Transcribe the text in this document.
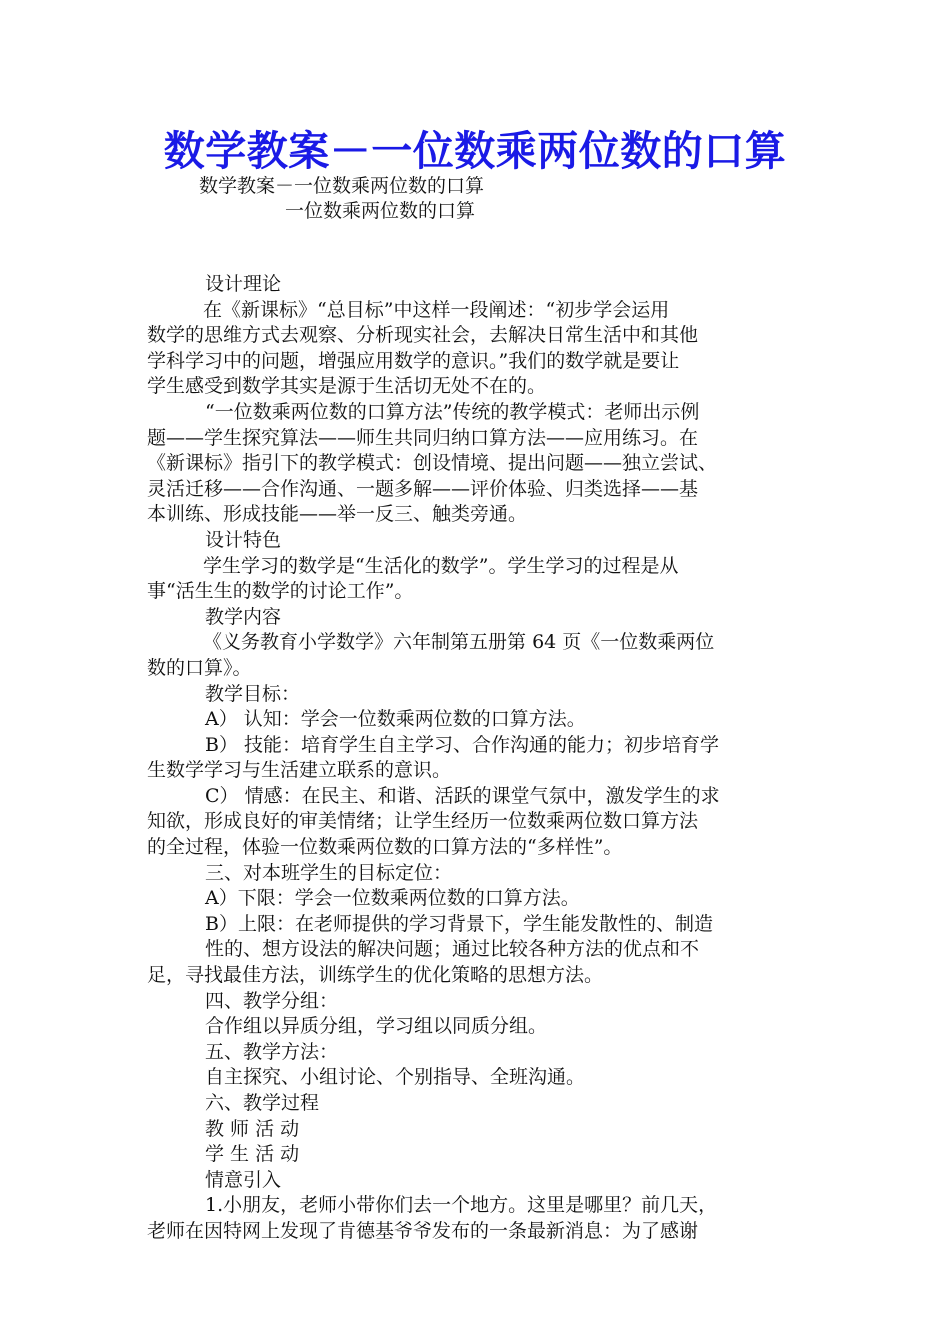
数学教案－一位数乘两位数的口算
数学教案－一位数乘两位数的口算
一位数乘两位数的口算

设计理论

在《新课标》“总目标”中这样一段阐述：“初步学会运用

数学的思维方式去观察、分析现实社会，去解决日常生活中和其他

学科学习中的问题，增强应用数学的意识。”我们的数学就是要让

学生感受到数学其实是源于生活切无处不在的。

“一位数乘两位数的口算方法”传统的教学模式：老师出示例

题——学生探究算法——师生共同归纳口算方法——应用练习。在

《新课标》指引下的教学模式：创设情境、提出问题——独立尝试、

灵活迁移——合作沟通、一题多解——评价体验、归类选择——基

本训练、形成技能——举一反三、触类旁通。

设计特色

学生学习的数学是“生活化的数学”。学生学习的过程是从

事“活生生的数学的讨论工作”。

教学内容

《义务教育小学数学》六年制第五册第 64 页《一位数乘两位

数的口算》。

教学目标：

A） 认知：学会一位数乘两位数的口算方法。

B） 技能：培育学生自主学习、合作沟通的能力；初步培育学

生数学学习与生活建立联系的意识。

C） 情感：在民主、和谐、活跃的课堂气氛中，激发学生的求

知欲，形成良好的审美情绪；让学生经历一位数乘两位数口算方法

的全过程，体验一位数乘两位数的口算方法的“多样性”。

三、对本班学生的目标定位：

A）下限：学会一位数乘两位数的口算方法。

B）上限：在老师提供的学习背景下，学生能发散性的、制造

性的、想方设法的解决问题；通过比较各种方法的优点和不

足，寻找最佳方法，训练学生的优化策略的思想方法。

四、教学分组：

合作组以异质分组，学习组以同质分组。

五、教学方法：

自主探究、小组讨论、个别指导、全班沟通。

六、教学过程

教 师 活 动

学 生 活 动

情意引入

1.小朋友，老师小带你们去一个地方。这里是哪里？前几天，

老师在因特网上发现了肯德基爷爷发布的一条最新消息：为了感谢
